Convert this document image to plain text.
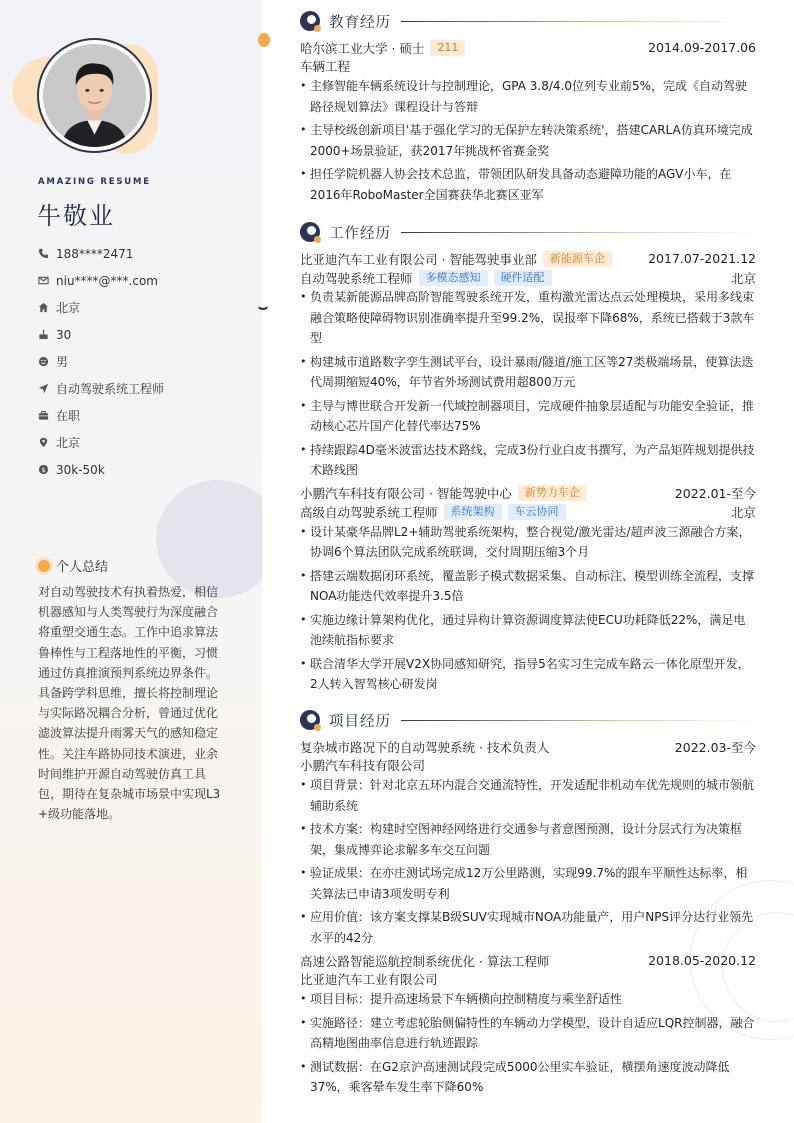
AMAZING RESUME
牛敬业
188****2471
niu****@***.com
北京
30
男
自动驾驶系统工程师
在职
北京
$ 30k-50k
个人总结
对自动驾驶技术有执着热爱，相信机器感知与人类驾驶行为深度融合将重塑交通生态。工作中追求算法鲁棒性与工程落地性的平衡，习惯通过仿真推演预判系统边界条件。具备跨学科思维，擅长将控制理论与实际路况耦合分析，曾通过优化滤波算法提升雨雾天气的感知稳定性。关注车路协同技术演进，业余时间维护开源自动驾驶仿真工具包，期待在复杂城市场景中实现L3+级功能落地。
教育经历
哈尔滨工业大学 · 硕士	211	2014.09-2017.06
车辆工程
• 主修智能车辆系统设计与控制理论，GPA 3.8/4.0位列专业前5%，完成《自动驾驶路径规划算法》课程设计与答辩
• 主导校级创新项目'基于强化学习的无保护左转决策系统'，搭建CARLA仿真环境完成2000+场景验证，获2017年挑战杯省赛金奖
• 担任学院机器人协会技术总监，带领团队研发具备动态避障功能的AGV小车，在2016年RoboMaster全国赛获华北赛区亚军
工作经历
比亚迪汽车工业有限公司 · 智能驾驶事业部	新能源车企	2017.07-2021.12
自动驾驶系统工程师	多模态感知	硬件适配	北京
• 负责某新能源品牌高阶智能驾驶系统开发，重构激光雷达点云处理模块，采用多线束融合策略使障碍物识别准确率提升至99.2%，误报率下降68%，系统已搭载于3款车型
• 构建城市道路数字孪生测试平台，设计暴雨/隧道/施工区等27类极端场景，使算法迭代周期缩短40%，年节省外场测试费用超800万元
• 主导与博世联合开发新一代域控制器项目，完成硬件抽象层适配与功能安全验证，推动核心芯片国产化替代率达75%
• 持续跟踪4D毫米波雷达技术路线，完成3份行业白皮书撰写，为产品矩阵规划提供技术路线图
小鹏汽车科技有限公司 · 智能驾驶中心	新势力车企	2022.01-至今
高级自动驾驶系统工程师	系统架构	车云协同	北京
• 设计某豪华品牌L2+辅助驾驶系统架构，整合视觉/激光雷达/超声波三源融合方案，协调6个算法团队完成系统联调，交付周期压缩3个月
• 搭建云端数据闭环系统，覆盖影子模式数据采集、自动标注、模型训练全流程，支撑NOA功能迭代效率提升3.5倍
• 实施边缘计算架构优化，通过异构计算资源调度算法使ECU功耗降低22%，满足电池续航指标要求
• 联合清华大学开展V2X协同感知研究，指导5名实习生完成车路云一体化原型开发，2人转入智驾核心研发岗
项目经历
复杂城市路况下的自动驾驶系统 · 技术负责人	2022.03-至今
小鹏汽车科技有限公司
• 项目背景：针对北京五环内混合交通流特性，开发适配非机动车优先规则的城市领航辅助系统
• 技术方案：构建时空图神经网络进行交通参与者意图预测，设计分层式行为决策框架，集成博弈论求解多车交互问题
• 验证成果：在亦庄测试场完成12万公里路测，实现99.7%的跟车平顺性达标率，相关算法已申请3项发明专利
• 应用价值：该方案支撑某B级SUV实现城市NOA功能量产，用户NPS评分达行业领先水平的42分
高速公路智能巡航控制系统优化 · 算法工程师	2018.05-2020.12
比亚迪汽车工业有限公司
• 项目目标：提升高速场景下车辆横向控制精度与乘坐舒适性
• 实施路径：建立考虑轮胎侧偏特性的车辆动力学模型，设计自适应LQR控制器，融合高精地图曲率信息进行轨迹跟踪
• 测试数据：在G2京沪高速测试段完成5000公里实车验证，横摆角速度波动降低37%，乘客晕车发生率下降60%
